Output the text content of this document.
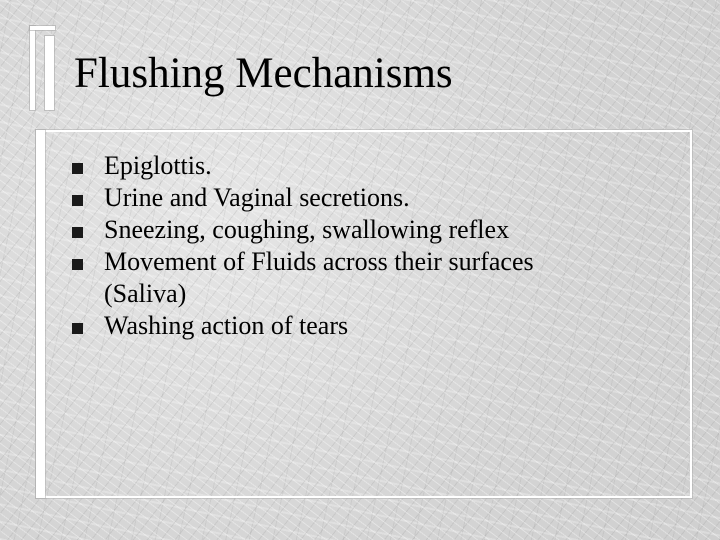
Flushing Mechanisms
Epiglottis.
Urine and Vaginal secretions.
Sneezing, coughing, swallowing reflex
Movement of Fluids across their surfaces
(Saliva)
Washing action of tears
